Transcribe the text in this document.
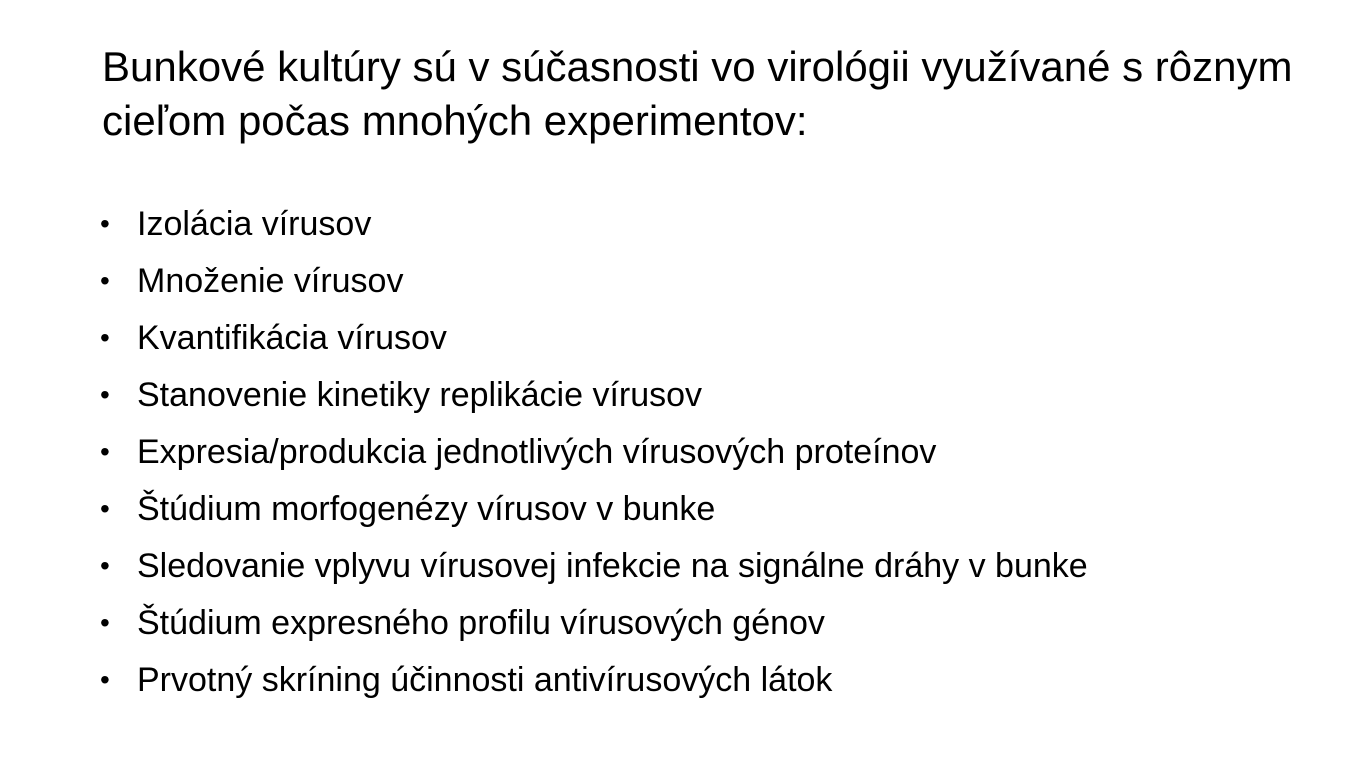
Bunkové kultúry sú v súčasnosti vo virológii využívané s rôznym cieľom počas mnohých experimentov:
• Izolácia vírusov
• Množenie vírusov
• Kvantifikácia vírusov
• Stanovenie kinetiky replikácie vírusov
• Expresia/produkcia jednotlivých vírusových proteínov
• Štúdium morfogenézy vírusov v bunke
• Sledovanie vplyvu vírusovej infekcie na signálne dráhy v bunke
• Štúdium expresného profilu vírusových génov
• Prvotný skríning účinnosti antivírusových látok
